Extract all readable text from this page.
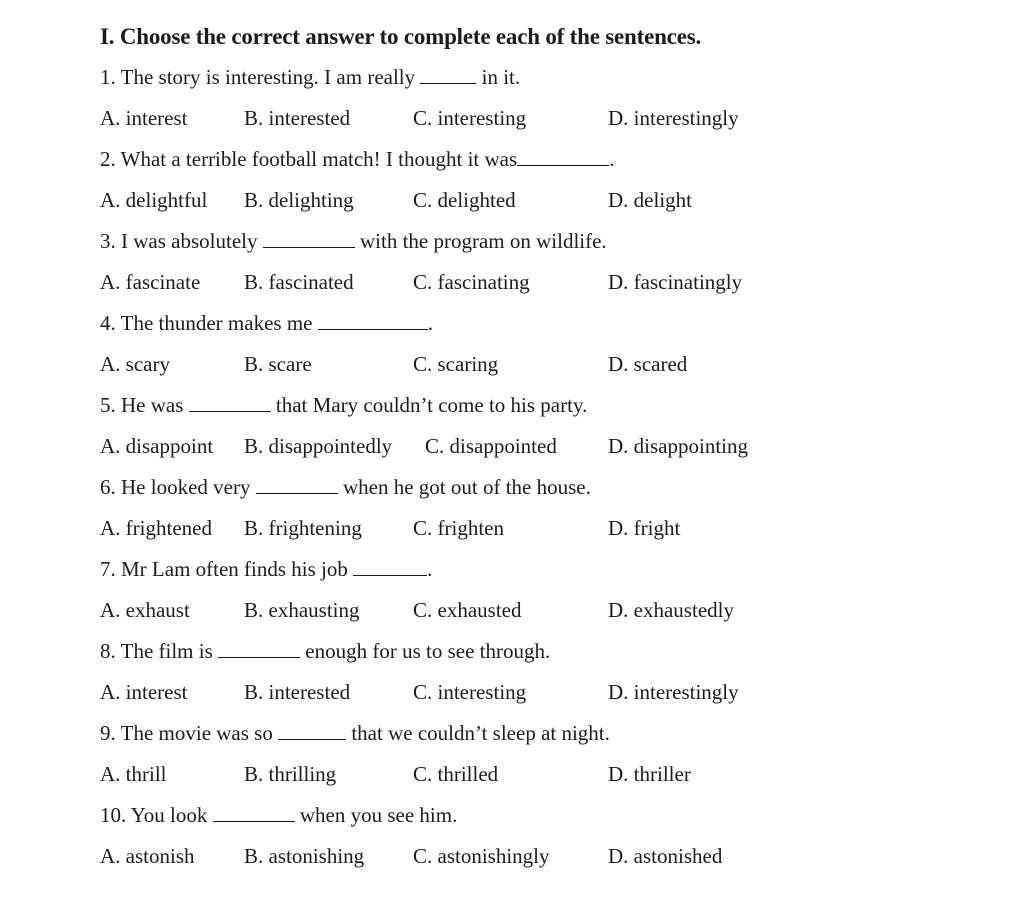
I. Choose the correct answer to complete each of the sentences.
1. The story is interesting. I am really	in it.
A. interest	B. interested	C. interesting	D. interestingly
2. What a terrible football match! I thought it was	.
A. delightful B. delighting	C. delighted	D. delight
3. I was absolutely	with the program on wildlife.
A. fascinate B. fascinated	C. fascinating	D. fascinatingly
4. The thunder makes me	.
A. scary	B. scare	C. scaring	D. scared
5. He was	that Mary couldn’t come to his party.
A. disappoint B. disappointedly C. disappointed D. disappointing
6. He looked very	when he got out of the house.
A. frightened B. frightening C. frighten	D. fright
7. Mr Lam often finds his job	.
A. exhaust	B. exhausting	C. exhausted	D. exhaustedly
8. The film is	enough for us to see through.
A. interest	B. interested	C. interesting	D. interestingly
9. The movie was so	that we couldn’t sleep at night.
A. thrill	B. thrilling	C. thrilled	D. thriller
10. You look	when you see him.
A. astonish B. astonishing C. astonishingly	D. astonished
